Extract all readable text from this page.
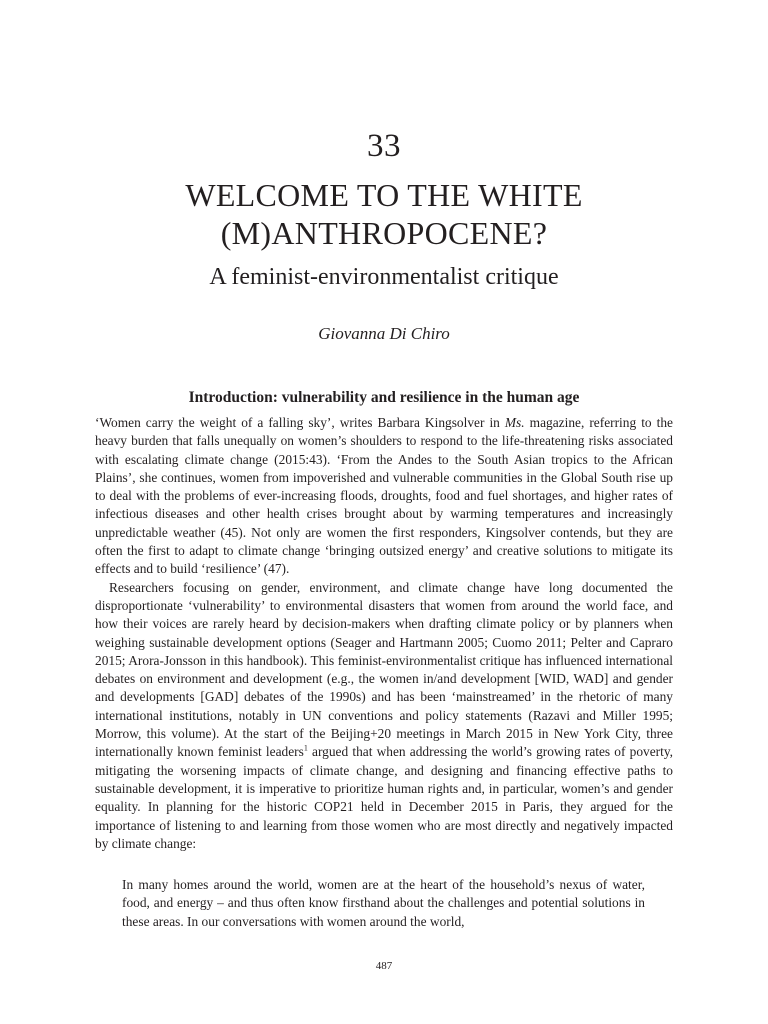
33
WELCOME TO THE WHITE
(M)ANTHROPOCENE?
A feminist-environmentalist critique
Giovanna Di Chiro
Introduction: vulnerability and resilience in the human age

‘Women carry the weight of a falling sky’, writes Barbara Kingsolver in Ms. magazine, referring to the heavy burden that falls unequally on women’s shoulders to respond to the life-threatening risks associated with escalating climate change (2015:43). ‘From the Andes to the South Asian tropics to the African Plains’, she continues, women from impoverished and vulnerable communities in the Global South rise up to deal with the problems of ever-increasing floods, droughts, food and fuel shortages, and higher rates of infectious diseases and other health crises brought about by warming temperatures and increasingly unpredictable weather (45). Not only are women the first responders, Kingsolver contends, but they are often the first to adapt to climate change ‘bringing outsized energy’ and creative solutions to mitigate its effects and to build ‘resilience’ (47).

Researchers focusing on gender, environment, and climate change have long documented the disproportionate ‘vulnerability’ to environmental disasters that women from around the world face, and how their voices are rarely heard by decision-makers when drafting climate policy or by planners when weighing sustainable development options (Seager and Hartmann 2005; Cuomo 2011; Pelter and Capraro 2015; Arora-Jonsson in this handbook). This feminist-environmentalist critique has influenced international debates on environment and development (e.g., the women in/and development [WID, WAD] and gender and developments [GAD] debates of the 1990s) and has been ‘mainstreamed’ in the rhetoric of many international institutions, notably in UN conventions and policy statements (Razavi and Miller 1995; Morrow, this volume). At the start of the Beijing+20 meetings in March 2015 in New York City, three internationally known feminist leaders$^1$ argued that when addressing the world’s growing rates of poverty, mitigating the worsening impacts of climate change, and designing and financing effective paths to sustainable development, it is imperative to prioritize human rights and, in particular, women’s and gender equality. In planning for the historic COP21 held in December 2015 in Paris, they argued for the importance of listening to and learning from those women who are most directly and negatively impacted by climate change:

In many homes around the world, women are at the heart of the household’s nexus of water, food, and energy – and thus often know firsthand about the challenges and potential solutions in these areas. In our conversations with women around the world,

487
